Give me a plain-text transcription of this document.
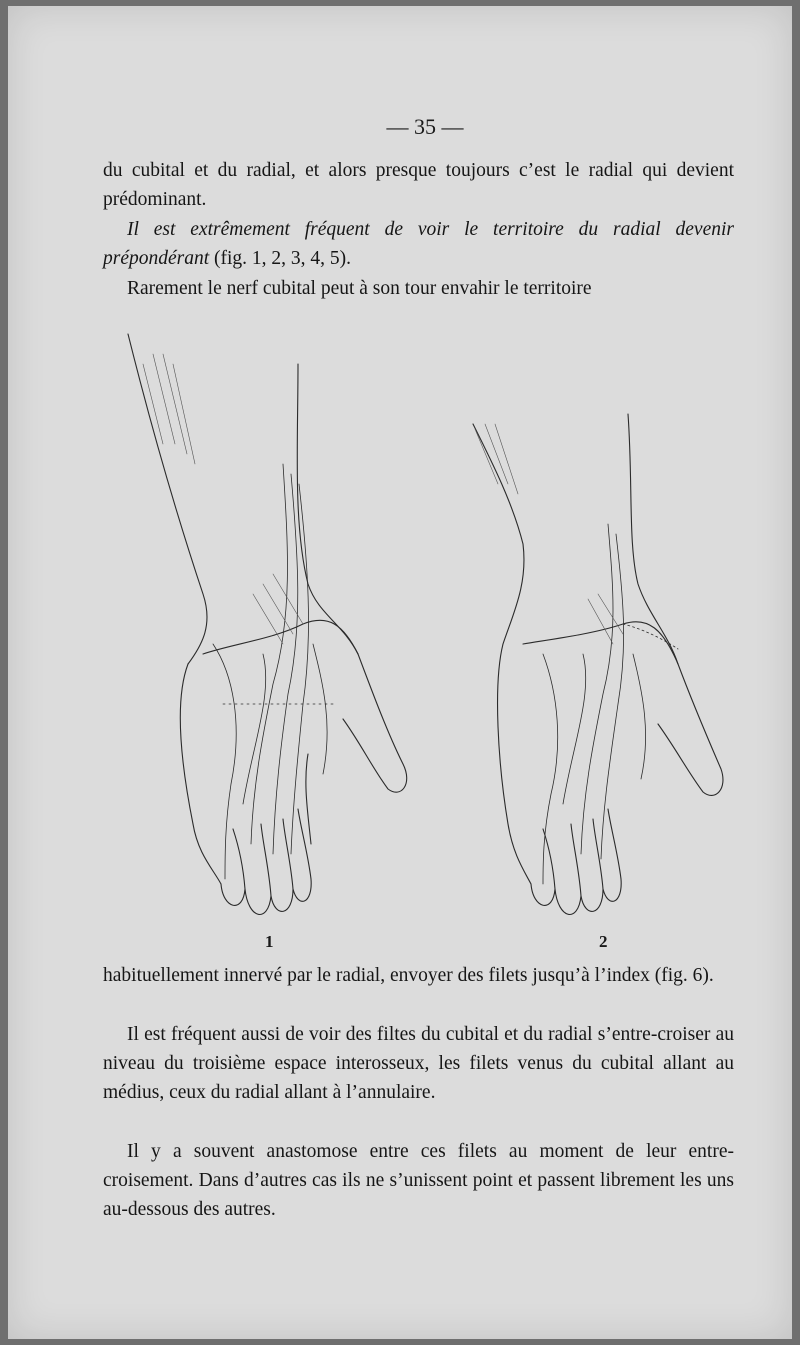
— 35 —

du cubital et du radial, et alors presque toujours c’est le radial qui devient prédominant.

Il est extrêmement fréquent de voir le territoire du radial devenir prépondérant (fig. 1, 2, 3, 4, 5).

Rarement le nerf cubital peut à son tour envahir le territoire

1	2

habituellement innervé par le radial, envoyer des filets jusqu’à l’index (fig. 6).

Il est fréquent aussi de voir des filtes du cubital et du radial s’entre-croiser au niveau du troisième espace interosseux, les filets venus du cubital allant au médius, ceux du radial allant à l’annulaire.

Il y a souvent anastomose entre ces filets au moment de leur entre-croisement. Dans d’autres cas ils ne s’unissent point et passent librement les uns au-dessous des autres.
